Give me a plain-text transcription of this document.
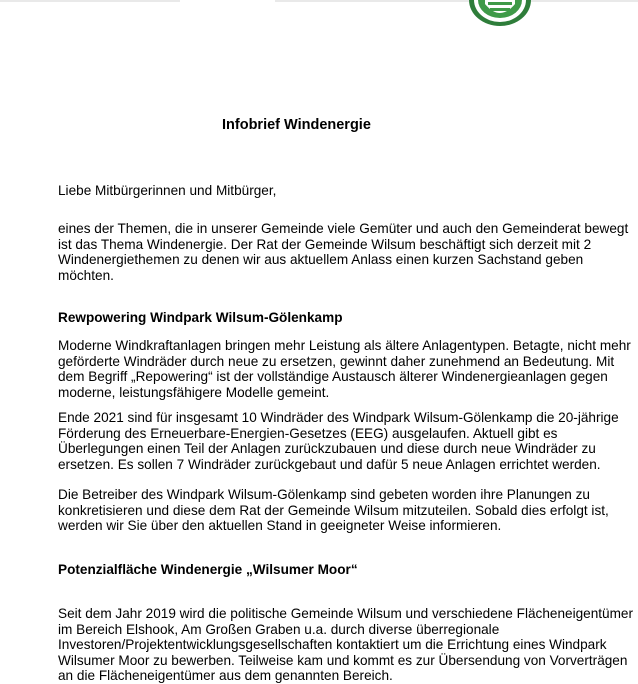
Infobrief Windenergie

Liebe Mitbürgerinnen und Mitbürger,

eines der Themen, die in unserer Gemeinde viele Gemüter und auch den Gemeinderat bewegt
ist das Thema Windenergie. Der Rat der Gemeinde Wilsum beschäftigt sich derzeit mit 2
Windenergiethemen zu denen wir aus aktuellem Anlass einen kurzen Sachstand geben
möchten.

Rewpowering Windpark Wilsum-Gölenkamp

Moderne Windkraftanlagen bringen mehr Leistung als ältere Anlagentypen. Betagte, nicht mehr
geförderte Windräder durch neue zu ersetzen, gewinnt daher zunehmend an Bedeutung. Mit
dem Begriff „Repowering“ ist der vollständige Austausch älterer Windenergieanlagen gegen
moderne, leistungsfähigere Modelle gemeint.

Ende 2021 sind für insgesamt 10 Windräder des Windpark Wilsum-Gölenkamp die 20-jährige
Förderung des Erneuerbare-Energien-Gesetzes (EEG) ausgelaufen. Aktuell gibt es
Überlegungen einen Teil der Anlagen zurückzubauen und diese durch neue Windräder zu
ersetzen. Es sollen 7 Windräder zurückgebaut und dafür 5 neue Anlagen errichtet werden.

Die Betreiber des Windpark Wilsum-Gölenkamp sind gebeten worden ihre Planungen zu
konkretisieren und diese dem Rat der Gemeinde Wilsum mitzuteilen. Sobald dies erfolgt ist,
werden wir Sie über den aktuellen Stand in geeigneter Weise informieren.

Potenzialfläche Windenergie „Wilsumer Moor“

Seit dem Jahr 2019 wird die politische Gemeinde Wilsum und verschiedene Flächeneigentümer
im Bereich Elshook, Am Großen Graben u.a. durch diverse überregionale
Investoren/Projektentwicklungsgesellschaften kontaktiert um die Errichtung eines Windpark
Wilsumer Moor zu bewerben. Teilweise kam und kommt es zur Übersendung von Vorverträgen
an die Flächeneigentümer aus dem genannten Bereich.
